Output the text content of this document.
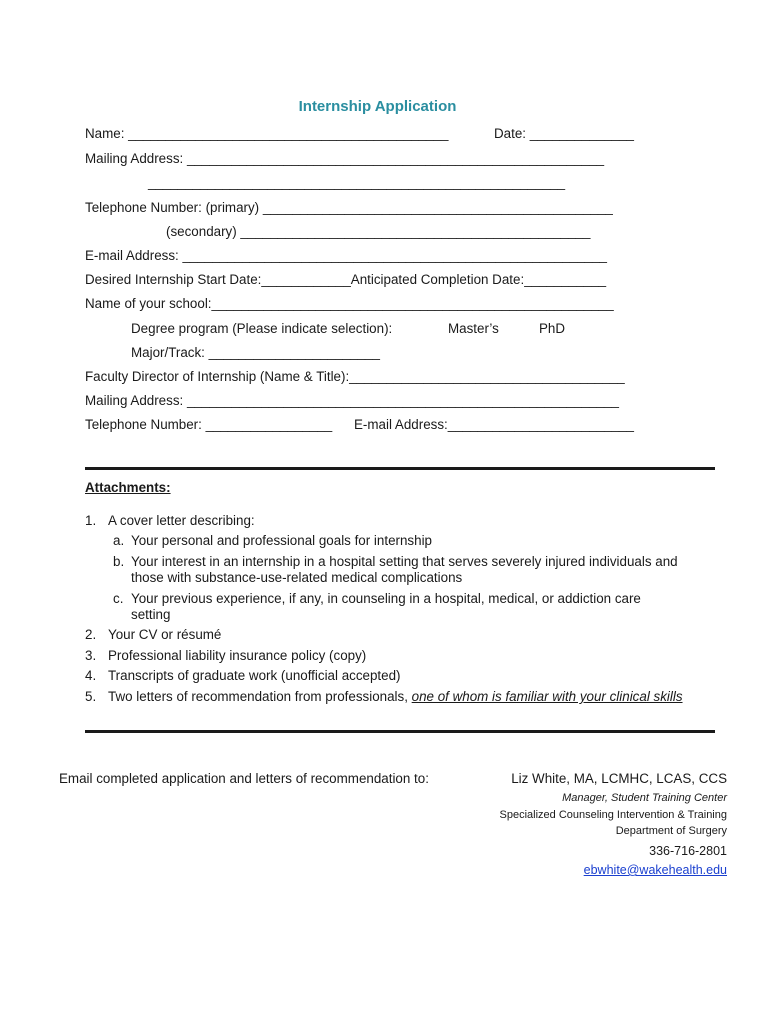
Internship Application
Name: ___________________________________________	Date: ______________
Mailing Address: ________________________________________________________
________________________________________________________
Telephone Number: (primary) _______________________________________________
(secondary) _______________________________________________
E-mail Address: _________________________________________________________
Desired Internship Start Date:____________Anticipated Completion Date:___________
Name of your school:______________________________________________________
Degree program (Please indicate selection):	Master’s	PhD
Major/Track: _______________________
Faculty Director of Internship (Name & Title):_____________________________________
Mailing Address: __________________________________________________________
Telephone Number: _________________ E-mail Address:_________________________
Attachments:
1. A cover letter describing:
a. Your personal and professional goals for internship
b. Your interest in an internship in a hospital setting that serves severely injured individuals and
those with substance-use-related medical complications
c. Your previous experience, if any, in counseling in a hospital, medical, or addiction care
setting
2. Your CV or résumé
3. Professional liability insurance policy (copy)
4. Transcripts of graduate work (unofficial accepted)
5. Two letters of recommendation from professionals, one of whom is familiar with your clinical skills
Email completed application and letters of recommendation to:	Liz White, MA, LCMHC, LCAS, CCS
Manager, Student Training Center
Specialized Counseling Intervention & Training
Department of Surgery
336-716-2801
ebwhite@wakehealth.edu
